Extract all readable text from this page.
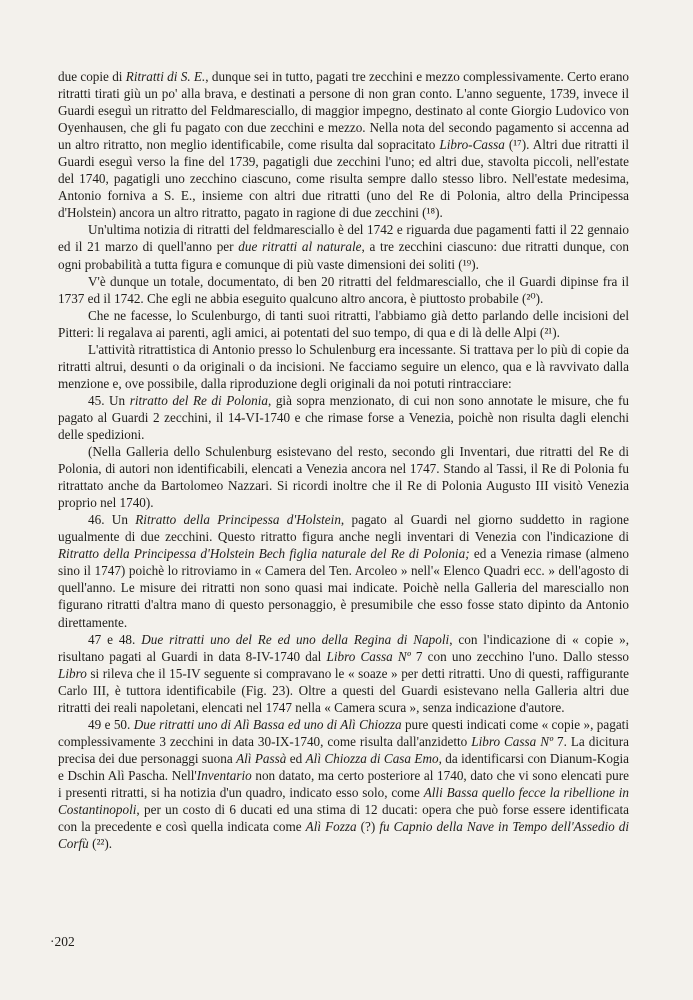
due copie di Ritratti di S. E., dunque sei in tutto, pagati tre zecchini e mezzo complessivamente. Certo erano ritratti tirati giù un po' alla brava, e destinati a persone di non gran conto. L'anno seguente, 1739, invece il Guardi eseguì un ritratto del Feldmaresciallo, di maggior impegno, destinato al conte Giorgio Ludovico von Oyenhausen, che gli fu pagato con due zecchini e mezzo. Nella nota del secondo pagamento si accenna ad un altro ritratto, non meglio identificabile, come risulta dal sopracitato Libro-Cassa (¹⁷). Altri due ritratti il Guardi eseguì verso la fine del 1739, pagatigli due zecchini l'uno; ed altri due, stavolta piccoli, nell'estate del 1740, pagatigli uno zecchino ciascuno, come risulta sempre dallo stesso libro. Nell'estate medesima, Antonio forniva a S. E., insieme con altri due ritratti (uno del Re di Polonia, altro della Principessa d'Holstein) ancora un altro ritratto, pagato in ragione di due zecchini (¹⁸).

Un'ultima notizia di ritratti del feldmaresciallo è del 1742 e riguarda due pagamenti fatti il 22 gennaio ed il 21 marzo di quell'anno per due ritratti al naturale, a tre zecchini ciascuno: due ritratti dunque, con ogni probabilità a tutta figura e comunque di più vaste dimensioni dei soliti (¹⁹).

V'è dunque un totale, documentato, di ben 20 ritratti del feldmaresciallo, che il Guardi dipinse fra il 1737 ed il 1742. Che egli ne abbia eseguito qualcuno altro ancora, è piuttosto probabile (²⁰).

Che ne facesse, lo Sculenburgo, di tanti suoi ritratti, l'abbiamo già detto parlando delle incisioni del Pitteri: li regalava ai parenti, agli amici, ai potentati del suo tempo, di qua e di là delle Alpi (²¹).

L'attività ritrattistica di Antonio presso lo Schulenburg era incessante. Si trattava per lo più di copie da ritratti altrui, desunti o da originali o da incisioni. Ne facciamo seguire un elenco, qua e là ravvivato dalla menzione e, ove possibile, dalla riproduzione degli originali da noi potuti rintracciare:

45. Un ritratto del Re di Polonia, già sopra menzionato, di cui non sono annotate le misure, che fu pagato al Guardi 2 zecchini, il 14-VI-1740 e che rimase forse a Venezia, poichè non risulta dagli elenchi delle spedizioni.

(Nella Galleria dello Schulenburg esistevano del resto, secondo gli Inventari, due ritratti del Re di Polonia, di autori non identificabili, elencati a Venezia ancora nel 1747. Stando al Tassi, il Re di Polonia fu ritrattato anche da Bartolomeo Nazzari. Si ricordi inoltre che il Re di Polonia Augusto III visitò Venezia proprio nel 1740).

46. Un Ritratto della Principessa d'Holstein, pagato al Guardi nel giorno suddetto in ragione ugualmente di due zecchini. Questo ritratto figura anche negli inventari di Venezia con l'indicazione di Ritratto della Principessa d'Holstein Bech figlia naturale del Re di Polonia; ed a Venezia rimase (almeno sino il 1747) poichè lo ritroviamo in « Camera del Ten. Arcoleo » nell'« Elenco Quadri ecc. » dell'agosto di quell'anno. Le misure dei ritratti non sono quasi mai indicate. Poichè nella Galleria del maresciallo non figurano ritratti d'altra mano di questo personaggio, è presumibile che esso fosse stato dipinto da Antonio direttamente.

47 e 48. Due ritratti uno del Re ed uno della Regina di Napoli, con l'indicazione di « copie », risultano pagati al Guardi in data 8-IV-1740 dal Libro Cassa Nº 7 con uno zecchino l'uno. Dallo stesso Libro si rileva che il 15-IV seguente si compravano le « soaze » per detti ritratti. Uno di questi, raffigurante Carlo III, è tuttora identificabile (Fig. 23). Oltre a questi del Guardi esistevano nella Galleria altri due ritratti dei reali napoletani, elencati nel 1747 nella « Camera scura », senza indicazione d'autore.

49 e 50. Due ritratti uno di Alì Bassa ed uno di Alì Chiozza pure questi indicati come « copie », pagati complessivamente 3 zecchini in data 30-IX-1740, come risulta dall'anzidetto Libro Cassa Nº 7. La dicitura precisa dei due personaggi suona Alì Passà ed Alì Chiozza di Casa Emo, da identificarsi con Dianum-Kogia e Dschin Alì Pascha. Nell'Inventario non datato, ma certo posteriore al 1740, dato che vi sono elencati pure i presenti ritratti, si ha notizia d'un quadro, indicato esso solo, come Alli Bassa quello fecce la ribellione in Costantinopoli, per un costo di 6 ducati ed una stima di 12 ducati: opera che può forse essere identificata con la precedente e così quella indicata come Alì Fozza (?) fu Capnio della Nave in Tempo dell'Assedio di Corfù (²²).

·202
